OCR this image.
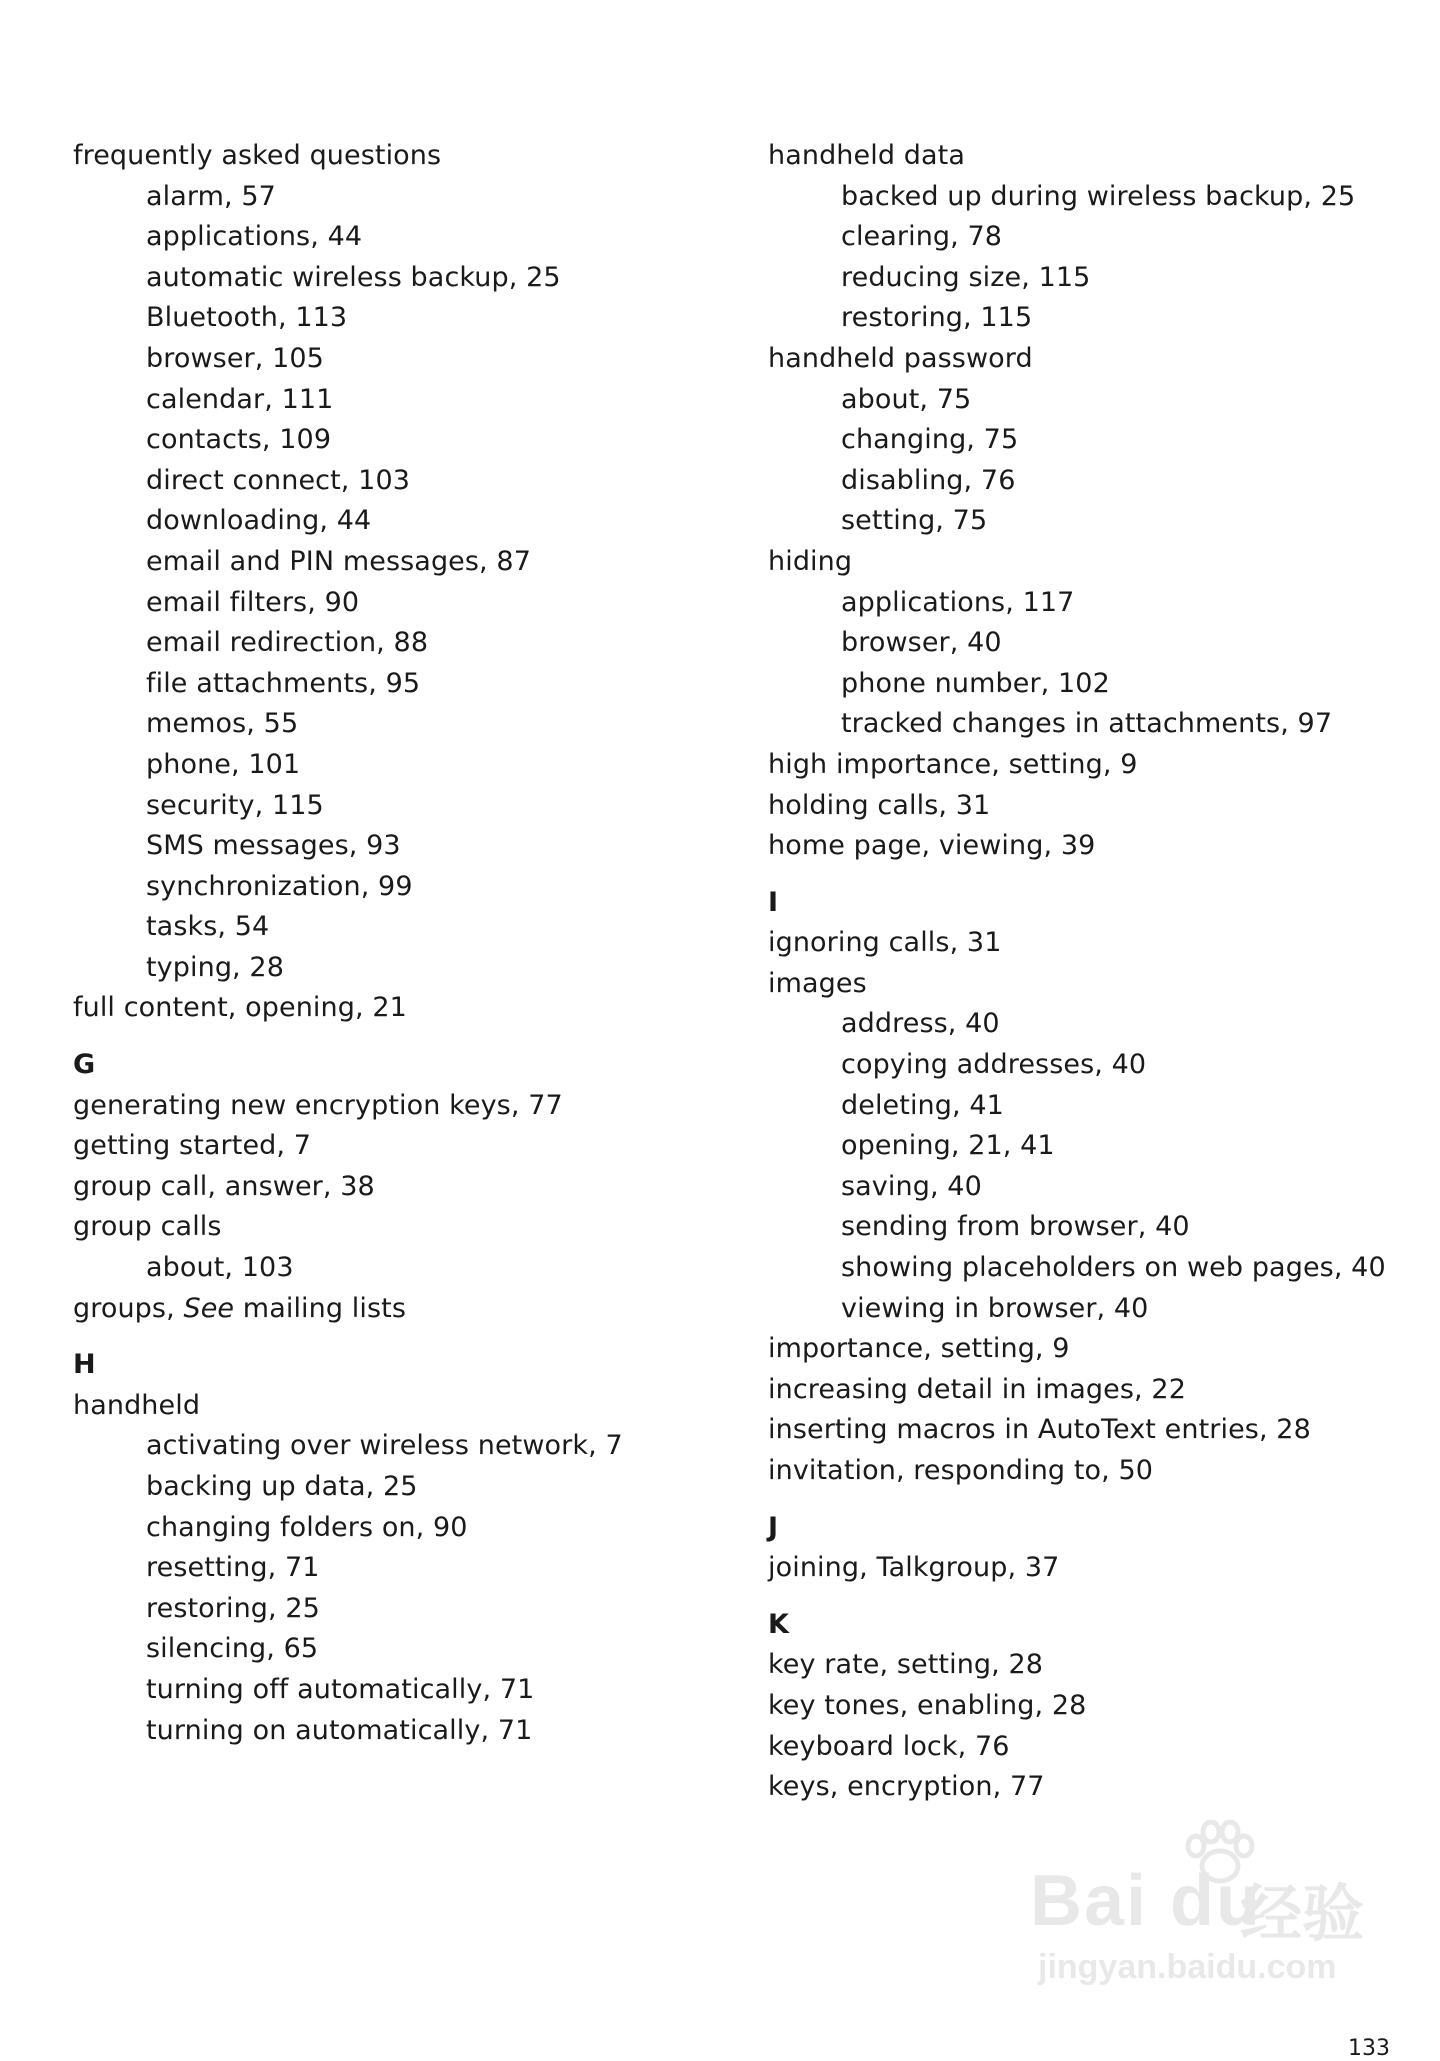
frequently asked questions
alarm, 57
applications, 44
automatic wireless backup, 25
Bluetooth, 113
browser, 105
calendar, 111
contacts, 109
direct connect, 103
downloading, 44
email and PIN messages, 87
email filters, 90
email redirection, 88
file attachments, 95
memos, 55
phone, 101
security, 115
SMS messages, 93
synchronization, 99
tasks, 54
typing, 28
full content, opening, 21
G
generating new encryption keys, 77
getting started, 7
group call, answer, 38
group calls
about, 103
groups, See mailing lists
H
handheld
activating over wireless network, 7
backing up data, 25
changing folders on, 90
resetting, 71
restoring, 25
silencing, 65
turning off automatically, 71
turning on automatically, 71
handheld data
backed up during wireless backup, 25
clearing, 78
reducing size, 115
restoring, 115
handheld password
about, 75
changing, 75
disabling, 76
setting, 75
hiding
applications, 117
browser, 40
phone number, 102
tracked changes in attachments, 97
high importance, setting, 9
holding calls, 31
home page, viewing, 39
I
ignoring calls, 31
images
address, 40
copying addresses, 40
deleting, 41
opening, 21, 41
saving, 40
sending from browser, 40
showing placeholders on web pages, 40
viewing in browser, 40
importance, setting, 9
increasing detail in images, 22
inserting macros in AutoText entries, 28
invitation, responding to, 50
J
joining, Talkgroup, 37
K
key rate, setting, 28
key tones, enabling, 28
keyboard lock, 76
keys, encryption, 77
Bai du
经验
jingyan.baidu.com
133
